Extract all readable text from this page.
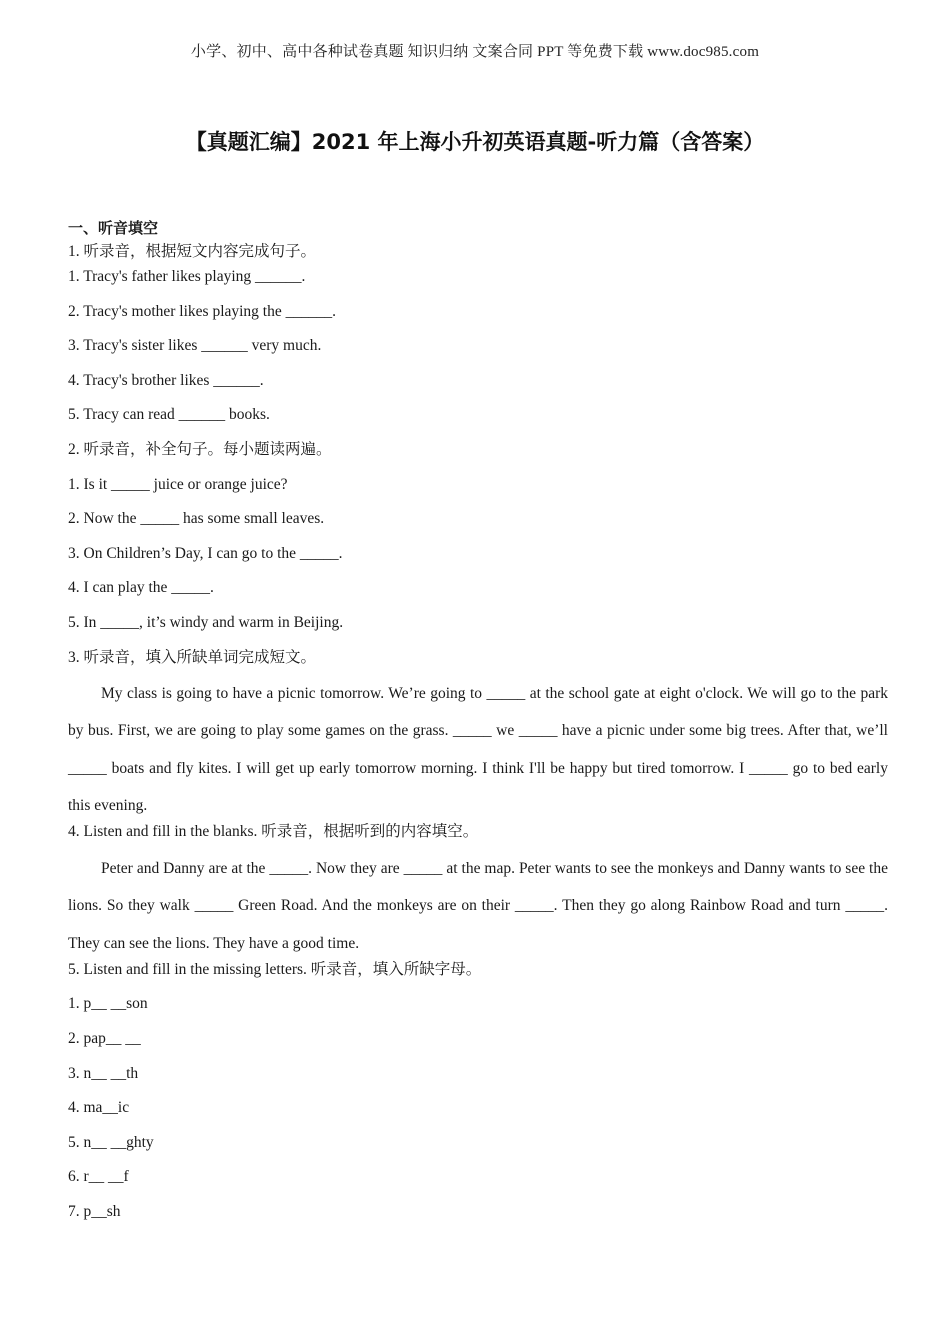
小学、初中、高中各种试卷真题 知识归纳 文案合同 PPT 等免费下载 www.doc985.com
【真题汇编】2021 年上海小升初英语真题-听力篇（含答案）
一、听音填空
1. 听录音，根据短文内容完成句子。
1. Tracy's father likes playing ______.
2. Tracy's mother likes playing the ______.
3. Tracy's sister likes ______ very much.
4. Tracy's brother likes ______.
5. Tracy can read ______ books.
2. 听录音，补全句子。每小题读两遍。
1. Is it _____ juice or orange juice?
2. Now the _____ has some small leaves.
3. On Children’s Day, I can go to the _____.
4. I can play the _____.
5. In _____, it’s windy and warm in Beijing.
3. 听录音，填入所缺单词完成短文。

My class is going to have a picnic tomorrow. We’re going to _____ at the school gate at eight o'clock. We will go to the park by bus. First, we are going to play some games on the grass. _____ we _____ have a picnic under some big trees. After that, we’ll _____ boats and fly kites. I will get up early tomorrow morning. I think I'll be happy but tired tomorrow. I _____ go to bed early this evening.

4. Listen and fill in the blanks. 听录音，根据听到的内容填空。

Peter and Danny are at the _____. Now they are _____ at the map. Peter wants to see the monkeys and Danny wants to see the lions. So they walk _____ Green Road. And the monkeys are on their _____. Then they go along Rainbow Road and turn _____. They can see the lions. They have a good time.

5. Listen and fill in the missing letters. 听录音，填入所缺字母。
1. p__ __son
2. pap__ __
3. n__ __th
4. ma__ic
5. n__ __ghty
6. r__ __f
7. p__sh
